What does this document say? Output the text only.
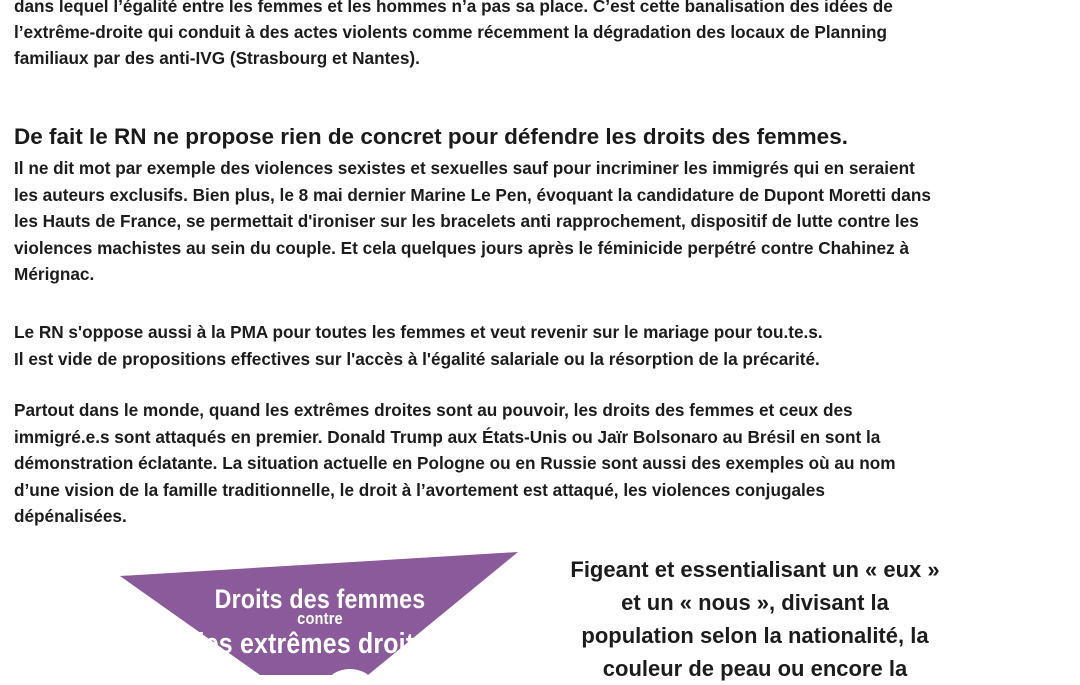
dans lequel l’égalité entre les femmes et les hommes n’a pas sa place. C’est cette banalisation des idées de
l’extrême-droite qui conduit à des actes violents comme récemment la dégradation des locaux de Planning
familiaux par des anti-IVG (Strasbourg et Nantes).
De fait le RN ne propose rien de concret pour défendre les droits des femmes.
Il ne dit mot par exemple des violences sexistes et sexuelles sauf pour incriminer les immigrés qui en seraient
les auteurs exclusifs. Bien plus, le 8 mai dernier Marine Le Pen, évoquant la candidature de Dupont Moretti dans
les Hauts de France, se permettait d'ironiser sur les bracelets anti rapprochement, dispositif de lutte contre les
violences machistes au sein du couple. Et cela quelques jours après le féminicide perpétré contre Chahinez à
Mérignac.
Le RN s'oppose aussi à la PMA pour toutes les femmes et veut revenir sur le mariage pour tou.te.s.
Il est vide de propositions effectives sur l'accès à l'égalité salariale ou la résorption de la précarité.
Partout dans le monde, quand les extrêmes droites sont au pouvoir, les droits des femmes et ceux des
immigré.e.s sont attaqués en premier. Donald Trump aux États-Unis ou Jaïr Bolsonaro au Brésil en sont la
démonstration éclatante. La situation actuelle en Pologne ou en Russie sont aussi des exemples où au nom
d’une vision de la famille traditionnelle, le droit à l’avortement est attaqué, les violences conjugales
dépénalisées.
Droits des femmes
contre
les extrêmes droites
Figeant et essentialisant un « eux »
et un « nous », divisant la
population selon la nationalité, la
couleur de peau ou encore la
